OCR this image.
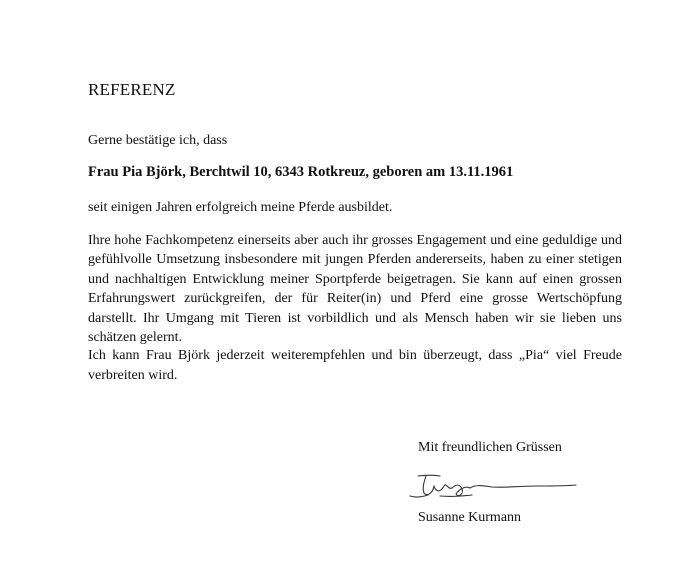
REFERENZ
Gerne bestätige ich, dass
Frau Pia Björk, Berchtwil 10, 6343 Rotkreuz, geboren am 13.11.1961
seit einigen Jahren erfolgreich meine Pferde ausbildet.
Ihre hohe Fachkompetenz einerseits aber auch ihr grosses Engagement und eine geduldige und gefühlvolle Umsetzung insbesondere mit jungen Pferden andererseits, haben zu einer stetigen und nachhaltigen Entwicklung meiner Sportpferde beigetragen. Sie kann auf einen grossen Erfahrungswert zurückgreifen, der für Reiter(in) und Pferd eine grosse Wertschöpfung darstellt. Ihr Umgang mit Tieren ist vorbildlich und als Mensch haben wir sie lieben uns schätzen gelernt.
Ich kann Frau Björk jederzeit weiterempfehlen und bin überzeugt, dass „Pia“ viel Freude verbreiten wird.
Mit freundlichen Grüssen
Susanne Kurmann
